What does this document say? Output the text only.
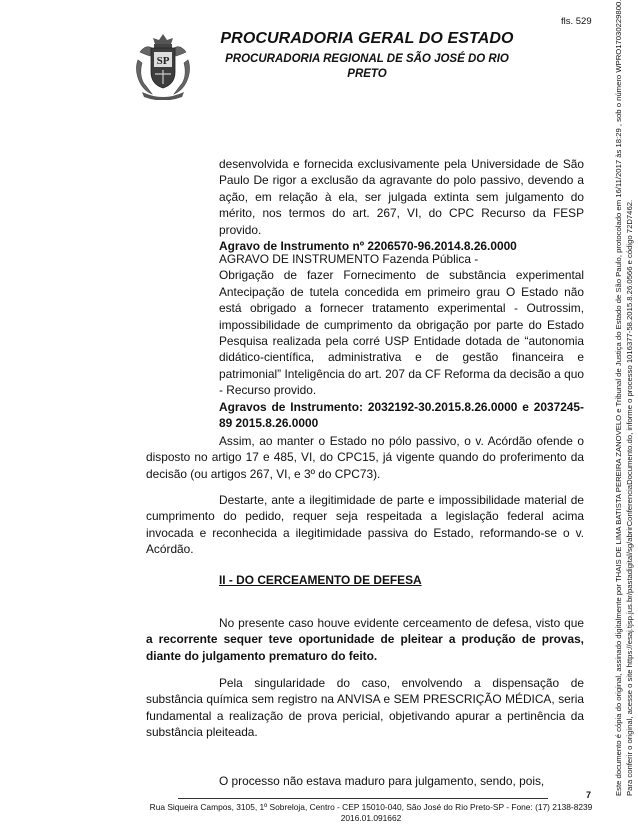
fls. 529
SP
PROCURADORIA GERAL DO ESTADO
PROCURADORIA REGIONAL DE SÃO JOSÉ DO RIO
PRETO

desenvolvida e fornecida exclusivamente pela Universidade de São Paulo De rigor a exclusão da agravante do polo passivo, devendo a ação, em relação à ela, ser julgada extinta sem julgamento do mérito, nos termos do art. 267, VI, do CPC Recurso da FESP provido.

Agravo de Instrumento nº 2206570-96.2014.8.26.0000

AGRAVO DE INSTRUMENTO Fazenda Pública -

Obrigação de fazer Fornecimento de substância experimental Antecipação de tutela concedida em primeiro grau O Estado não está obrigado a fornecer tratamento experimental - Outrossim, impossibilidade de cumprimento da obrigação por parte do Estado Pesquisa realizada pela corré USP Entidade dotada de “autonomia didático-científica, administrativa e de gestão financeira e patrimonial” Inteligência do art. 207 da CF Reforma da decisão a quo - Recurso provido.

Agravos de Instrumento: 2032192-30.2015.8.26.0000 e 2037245-89 2015.8.26.0000

Assim, ao manter o Estado no pólo passivo, o v. Acórdão ofende o disposto no artigo 17 e 485, VI, do CPC15, já vigente quando do proferimento da decisão (ou artigos 267, VI, e 3º do CPC73).

Destarte, ante a ilegitimidade de parte e impossibilidade material de cumprimento do pedido, requer seja respeitada a legislação federal acima invocada e reconhecida a ilegitimidade passiva do Estado, reformando-se o v. Acórdão.

II - DO CERCEAMENTO DE DEFESA

No presente caso houve evidente cerceamento de defesa, visto que a recorrente sequer teve oportunidade de pleitear a produção de provas, diante do julgamento prematuro do feito.

Pela singularidade do caso, envolvendo a dispensação de substância química sem registro na ANVISA e SEM PRESCRIÇÃO MÉDICA, seria fundamental a realização de prova pericial, objetivando apurar a pertinência da substância pleiteada.

O processo não estava maduro para julgamento, sendo, pois,

7
Rua Siqueira Campos, 3105, 1º Sobreloja, Centro - CEP 15010-040, São José do Rio Preto-SP - Fone: (17) 2138-8239
2016.01.091662
Este documento é cópia do original, assinado digitalmente por THAIS DE LIMA BATISTA PEREIRA ZANOVELO e Tribunal de Justiça do Estado de São Paulo, protocolado em 16/11/2017 às 18:29 , sob o número WPRO17030229800. Para conferir o original, acesse o site https://esaj.tjsp.jus.br/pastadigital/sg/abrirConferenciaDocumento.do, informe o processo 1016377-58.2015.8.26.0566 e código 72D7462.
